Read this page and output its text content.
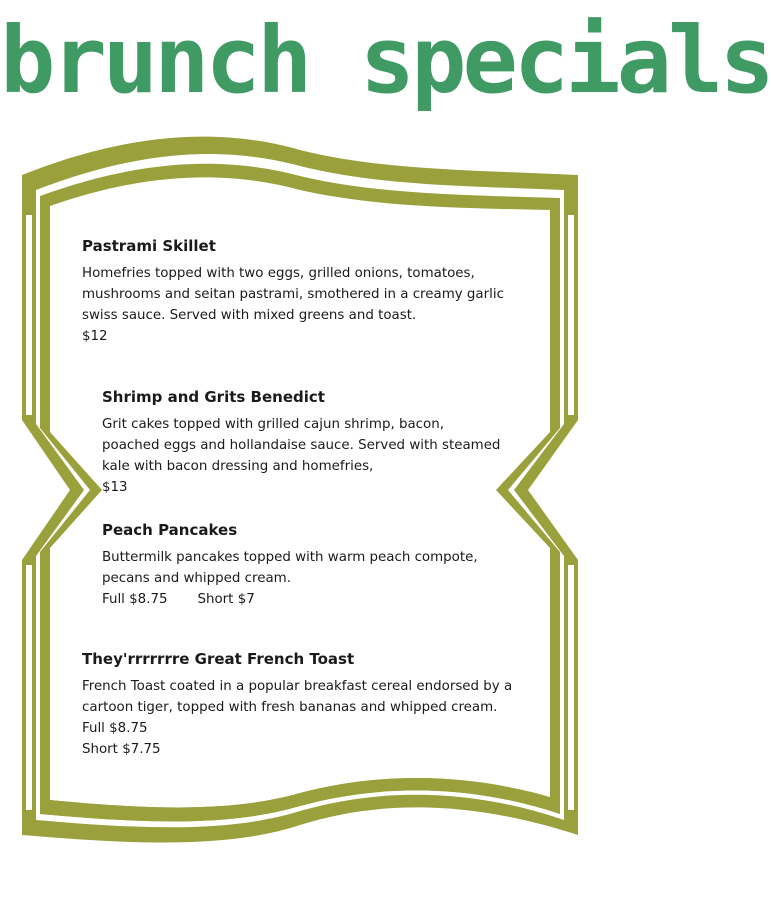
brunch specials
Pastrami Skillet

Homefries topped with two eggs, grilled onions, tomatoes, mushrooms and seitan pastrami, smothered in a creamy garlic swiss sauce. Served with mixed greens and toast.

$12
Shrimp and Grits Benedict

Grit cakes topped with grilled cajun shrimp, bacon, poached eggs and hollandaise sauce. Served with steamed kale with bacon dressing and homefries,

$13
Peach Pancakes

Buttermilk pancakes topped with warm peach compote, pecans and whipped cream.

Full $8.75 Short $7
They'rrrrrrre Great French Toast

French Toast coated in a popular breakfast cereal endorsed by a cartoon tiger, topped with fresh bananas and whipped cream.

Full $8.75
Short $7.75
